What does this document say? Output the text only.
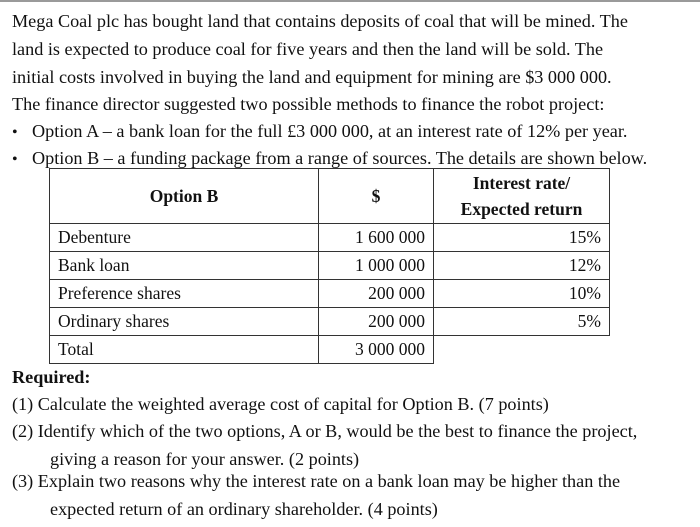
Mega Coal plc has bought land that contains deposits of coal that will be mined. The

land is expected to produce coal for five years and then the land will be sold. The

initial costs involved in buying the land and equipment for mining are $3 000 000.

The finance director suggested two possible methods to finance the robot project:

• Option A – a bank loan for the full £3 000 000, at an interest rate of 12% per year.
• Option B – a funding package from a range of sources. The details are shown below.
Option B	$	Interest rate/
Expected return
Debenture	1 600 000	15%
Bank loan	1 000 000	12%
Preference shares	200 000	10%
Ordinary shares	200 000	5%
Total	3 000 000	
Required:
(1) Calculate the weighted average cost of capital for Option B. (7 points)
(2) Identify which of the two options, A or B, would be the best to finance the project,
giving a reason for your answer. (2 points)
(3) Explain two reasons why the interest rate on a bank loan may be higher than the
expected return of an ordinary shareholder. (4 points)
